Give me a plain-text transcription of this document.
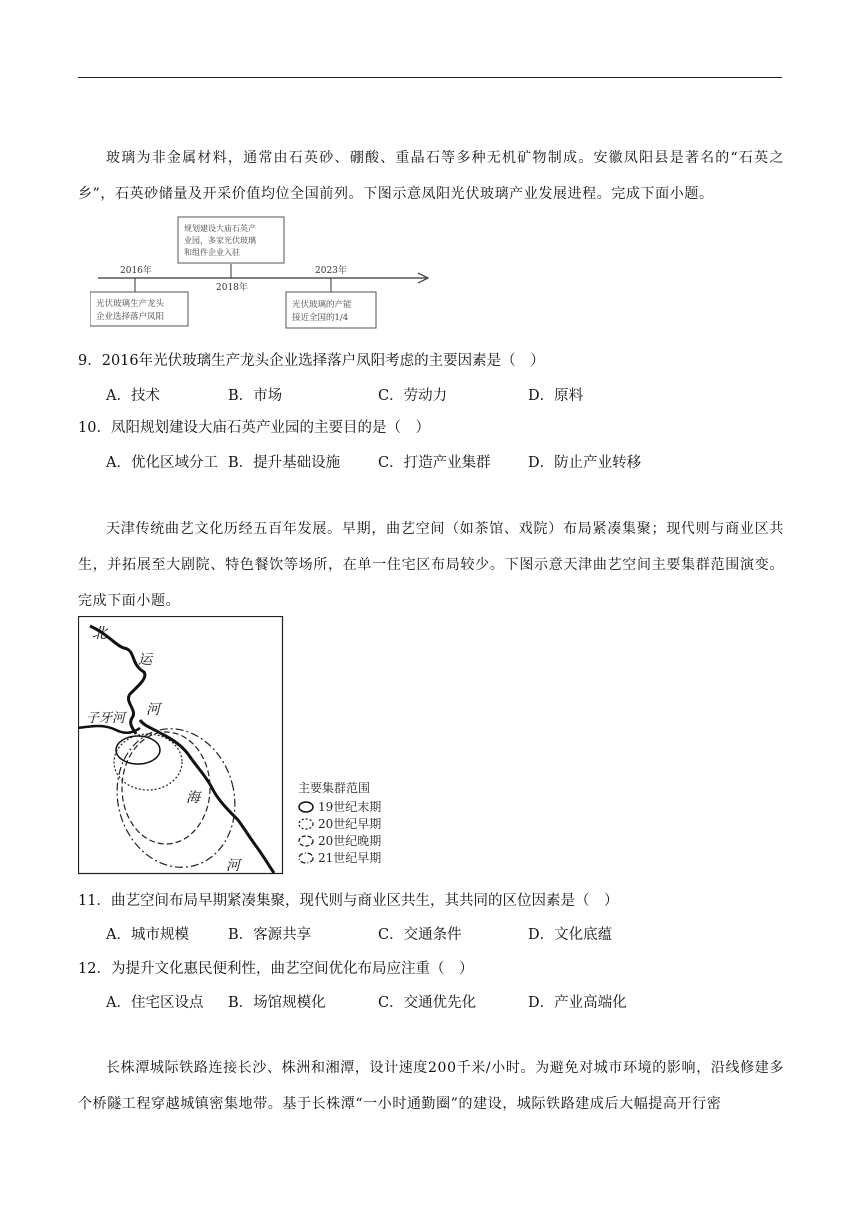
玻璃为非金属材料，通常由石英砂、硼酸、重晶石等多种无机矿物制成。安徽凤阳县是著名的“石英之乡”，石英砂储量及开采价值均位全国前列。下图示意凤阳光伏玻璃产业发展进程。完成下面小题。
2016年
2018年
2023年
规划建设大庙石英产
业园，多家光伏玻璃
和组件企业入驻
光伏玻璃生产龙头
企业选择落户凤阳
光伏玻璃的产能
接近全国的1/4
9．2016年光伏玻璃生产龙头企业选择落户凤阳考虑的主要因素是（　）
A．技术	B．市场	C．劳动力	D．原料
10．凤阳规划建设大庙石英产业园的主要目的是（　）
A．优化区域分工 B．提升基础设施	C．打造产业集群	D．防止产业转移
天津传统曲艺文化历经五百年发展。早期，曲艺空间（如茶馆、戏院）布局紧凑集聚；现代则与商业区共生，并拓展至大剧院、特色餐饮等场所，在单一住宅区布局较少。下图示意天津曲艺空间主要集群范围演变。完成下面小题。
北
运
河
子牙河
海
河
主要集群范围
19世纪末期
20世纪早期
20世纪晚期
21世纪早期
11．曲艺空间布局早期紧凑集聚，现代则与商业区共生，其共同的区位因素是（　）
A．城市规模	B．客源共享	C．交通条件	D．文化底蕴
12．为提升文化惠民便利性，曲艺空间优化布局应注重（　）
A．住宅区设点 B．场馆规模化	C．交通优先化	D．产业高端化
长株潭城际铁路连接长沙、株洲和湘潭，设计速度200千米/小时。为避免对城市环境的影响，沿线修建多个桥隧工程穿越城镇密集地带。基于长株潭“一小时通勤圈”的建设，城际铁路建成后大幅提高开行密
